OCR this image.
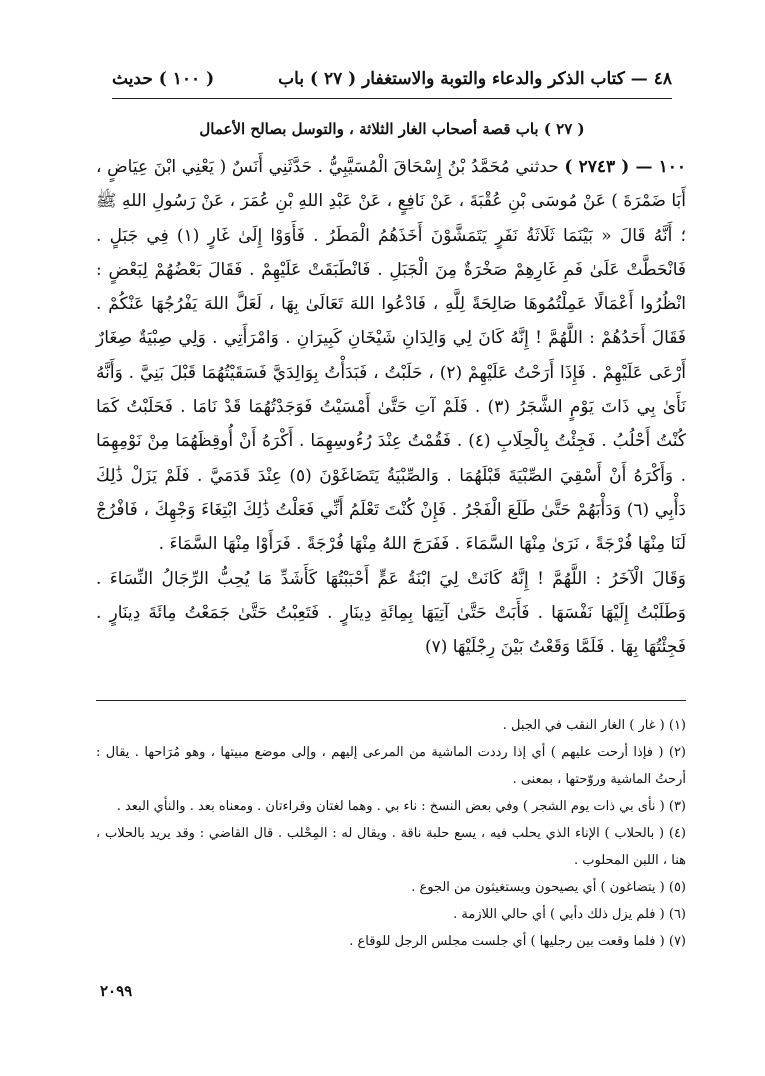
٤٨ — كتاب الذكر والدعاء والتوبة والاستغفار ( ٢٧ ) باب
( ١٠٠ ) حديث
( ٢٧ ) باب قصة أصحاب الغار الثلاثة ، والتوسل بصالح الأعمال

١٠٠ — ( ٢٧٤٣ ) حدثني مُحَمَّدُ بْنُ إِسْحَاقَ الْمُسَيَّبِيُّ . حَدَّثَنِي أَنَسٌ ( يَعْنِي ابْنَ عِيَاضٍ ، أَبَا ضَمْرَةَ ) عَنْ مُوسَى بْنِ عُقْبَةَ ، عَنْ نَافِعٍ ، عَنْ عَبْدِ اللهِ بْنِ عُمَرَ ، عَنْ رَسُولِ اللهِ ﷺ ؛ أَنَّهُ قَالَ « بَيْنَمَا ثَلَاثَةُ نَفَرٍ يَتَمَشَّوْنَ أَخَذَهُمُ الْمَطَرُ . فَأَوَوْا إِلَىٰ غَارٍ (١) فِي جَبَلٍ . فَانْحَطَّتْ عَلَىٰ فَمِ غَارِهِمْ صَخْرَةٌ مِنَ الْجَبَلِ . فَانْطَبَقَتْ عَلَيْهِمْ . فَقَالَ بَعْضُهُمْ لِبَعْضٍ : انْظُرُوا أَعْمَالًا عَمِلْتُمُوهَا صَالِحَةً لِلَّهِ ، فَادْعُوا اللهَ تَعَالَىٰ بِهَا ، لَعَلَّ اللهَ يَفْرُجُهَا عَنْكُمْ . فَقَالَ أَحَدُهُمْ : اللَّهُمَّ ! إِنَّهُ كَانَ لِي وَالِدَانِ شَيْخَانِ كَبِيرَانِ . وَامْرَأَتِي . وَلِي صِبْيَةٌ صِغَارٌ أَرْعَى عَلَيْهِمْ . فَإِذَا أَرَحْتُ عَلَيْهِمْ (٢) ، حَلَبْتُ ، فَبَدَأْتُ بِوَالِدَيَّ فَسَقَيْتُهُمَا قَبْلَ بَنِيَّ . وَأَنَّهُ نَأَىٰ بِي ذَاتَ يَوْمٍ الشَّجَرُ (٣) . فَلَمْ آتِ حَتَّىٰ أَمْسَيْتُ فَوَجَدْتُهُمَا قَدْ نَامَا . فَحَلَبْتُ كَمَا كُنْتُ أَحْلُبُ . فَجِئْتُ بِالْحِلَابِ (٤) . فَقُمْتُ عِنْدَ رُءُوسِهِمَا . أَكْرَهُ أَنْ أُوقِظَهُمَا مِنْ نَوْمِهِمَا . وَأَكْرَهُ أَنْ أَسْقِيَ الصِّبْيَةَ قَبْلَهُمَا . وَالصِّبْيَةُ يَتَضَاغَوْنَ (٥) عِنْدَ قَدَمَيَّ . فَلَمْ يَزَلْ ذَٰلِكَ دَأْبِي (٦) وَدَأْبَهُمْ حَتَّىٰ طَلَعَ الْفَجْرُ . فَإِنْ كُنْتَ تَعْلَمُ أَنِّي فَعَلْتُ ذَٰلِكَ ابْتِغَاءَ وَجْهِكَ ، فَافْرُجْ لَنَا مِنْهَا فُرْجَةً ، نَرَىٰ مِنْهَا السَّمَاءَ . فَفَرَجَ اللهُ مِنْهَا فُرْجَةً . فَرَأَوْا مِنْهَا السَّمَاءَ .

وَقَالَ الْآخَرُ : اللَّهُمَّ ! إِنَّهُ كَانَتْ لِيَ ابْنَةُ عَمٍّ أَحْبَبْتُهَا كَأَشَدِّ مَا يُحِبُّ الرِّجَالُ النِّسَاءَ . وَطَلَبْتُ إِلَيْهَا نَفْسَهَا . فَأَبَتْ حَتَّىٰ آتِيَهَا بِمِائَةِ دِينَارٍ . فَتَعِبْتُ حَتَّىٰ جَمَعْتُ مِائَةَ دِينَارٍ . فَجِئْتُهَا بِهَا . فَلَمَّا وَقَعْتُ بَيْنَ رِجْلَيْهَا (٧)

(١) ( غار ) الغار النقب في الجبل .
(٢) ( فإذا أرحت عليهم ) أي إذا رددت الماشية من المرعى إليهم ، وإلى موضع مبيتها ، وهو مُرَاحها . يقال : أرحتُ الماشية وروّحتها ، بمعنى .
(٣) ( نأى بي ذات يوم الشجر ) وفي بعض النسخ : ناء بي . وهما لغتان وقراءتان . ومعناه بعد . والنأي البعد .
(٤) ( بالحلاب ) الإناء الذي يحلب فيه ، يسع حلبة ناقة . ويقال له : المِحْلب . قال القاضي : وقد يريد بالحلاب ، هنا ، اللبن المحلوب .
(٥) ( يتضاغون ) أي يصيحون ويستغيثون من الجوع .
(٦) ( فلم يزل ذلك دأبي ) أي حالي اللازمة .
(٧) ( فلما وقعت بين رجليها ) أي جلست مجلس الرجل للوقاع .
٢٠٩٩
